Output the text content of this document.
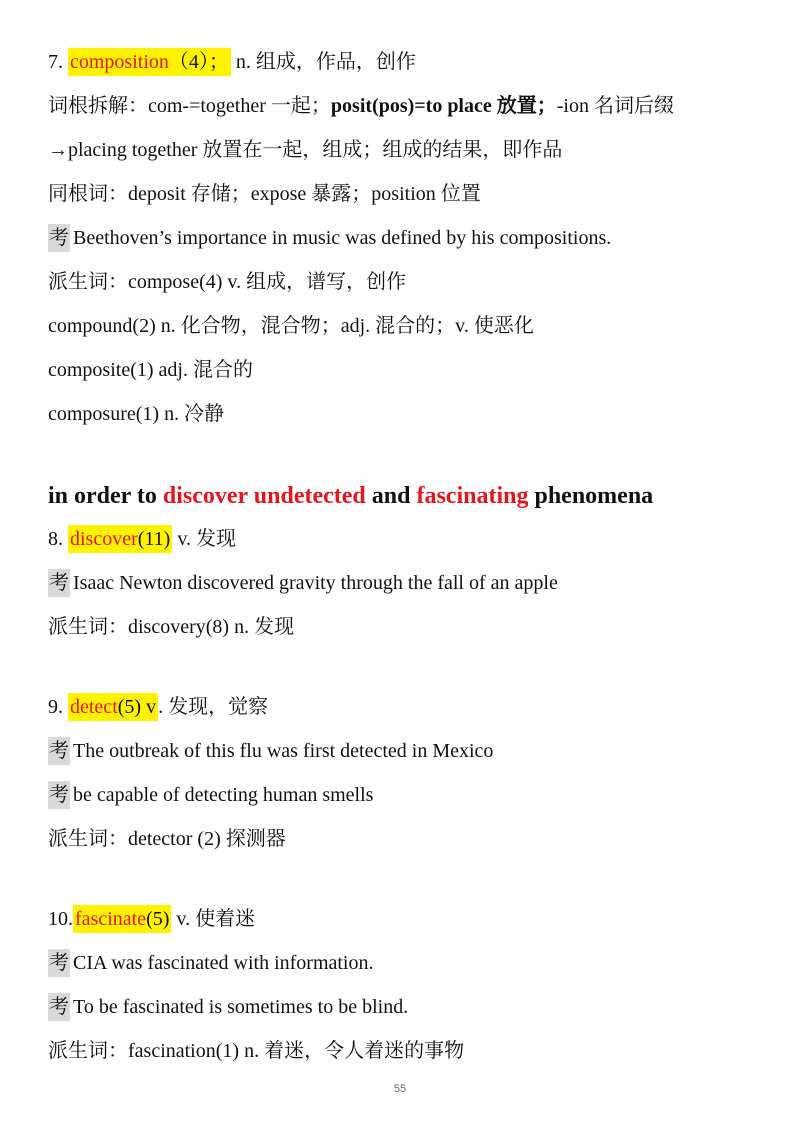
7. composition（4）； n. 组成，作品，创作
词根拆解：com-=together 一起；posit(pos)=to place 放置；-ion 名词后缀
→placing together 放置在一起，组成；组成的结果，即作品
同根词：deposit 存储；expose 暴露；position 位置
考 Beethoven’s importance in music was defined by his compositions.
派生词：compose(4) v. 组成，谱写，创作
compound(2) n. 化合物，混合物；adj. 混合的；v. 使恶化
composite(1) adj. 混合的
composure(1) n. 冷静
in order to discover undetected and fascinating phenomena
8. discover(11) v. 发现
考 Isaac Newton discovered gravity through the fall of an apple
派生词：discovery(8) n. 发现
9. detect(5) v . 发现，觉察
考 The outbreak of this flu was first detected in Mexico
考 be capable of detecting human smells
派生词：detector (2) 探测器
10. fascinate(5) v. 使着迷
考 CIA was fascinated with information.
考 To be fascinated is sometimes to be blind.
派生词：fascination(1) n. 着迷，令人着迷的事物
55
